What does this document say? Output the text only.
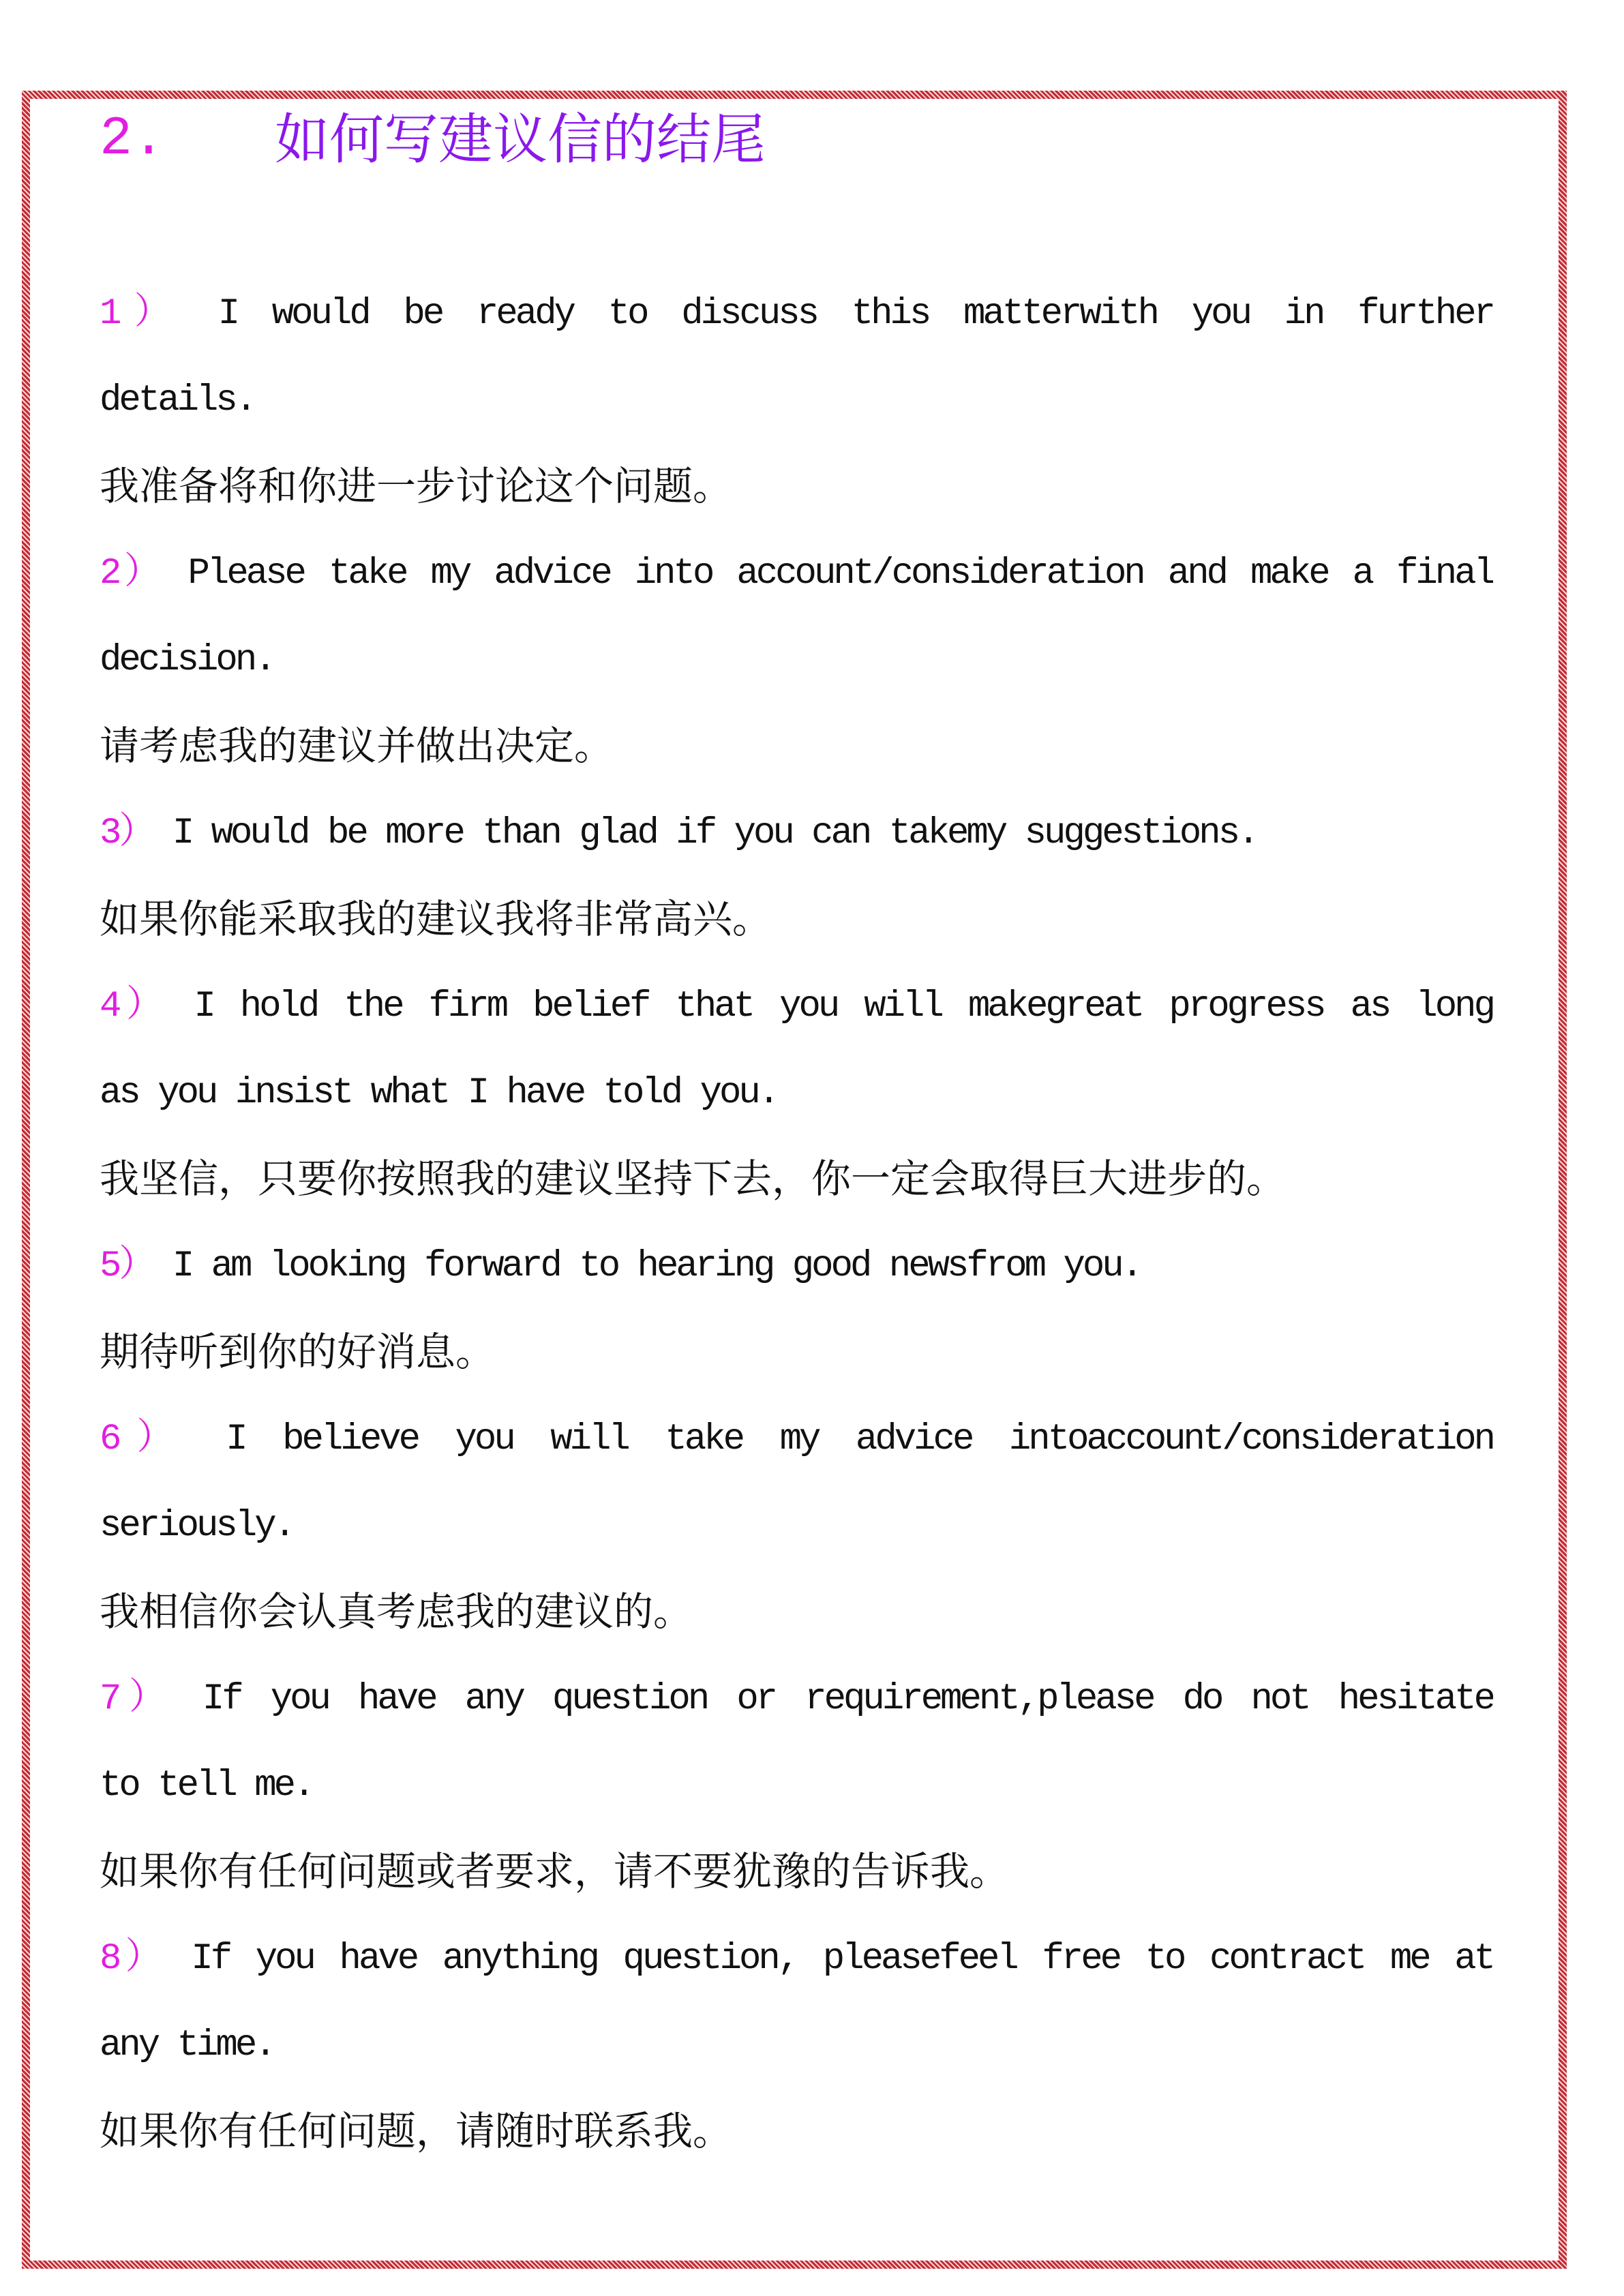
2. 如何写建议信的结尾
1） I would be ready to discuss this matterwith you in further
details.
我准备将和你进一步讨论这个问题。
2） Please take my advice into account/consideration and make a final
decision.
请考虑我的建议并做出决定。
3） I would be more than glad if you can takemy suggestions.
如果你能采取我的建议我将非常高兴。
4） I hold the firm belief that you will makegreat progress as long
as you insist what I have told you.
我坚信，只要你按照我的建议坚持下去，你一定会取得巨大进步的。
5） I am looking forward to hearing good newsfrom you.
期待听到你的好消息。
6） I believe you will take my advice intoaccount/consideration
seriously.
我相信你会认真考虑我的建议的。
7） If you have any question or requirement,please do not hesitate
to tell me.
如果你有任何问题或者要求，请不要犹豫的告诉我。
8） If you have anything question, pleasefeel free to contract me at
any time.
如果你有任何问题，请随时联系我。
